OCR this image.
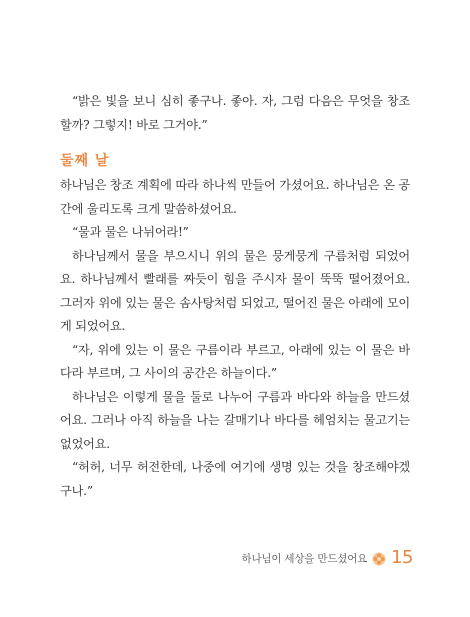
“밝은 빛을 보니 심히 좋구나. 좋아. 자, 그럼 다음은 무엇을 창조할까? 그렇지! 바로 그거야.”

둘째 날

하나님은 창조 계획에 따라 하나씩 만들어 가셨어요. 하나님은 온 공간에 울리도록 크게 말씀하셨어요.

“물과 물은 나뉘어라!”

하나님께서 물을 부으시니 위의 물은 뭉게뭉게 구름처럼 되었어요. 하나님께서 빨래를 짜듯이 힘을 주시자 물이 뚝뚝 떨어졌어요. 그러자 위에 있는 물은 솜사탕처럼 되었고, 떨어진 물은 아래에 모이게 되었어요.

“자, 위에 있는 이 물은 구름이라 부르고, 아래에 있는 이 물은 바다라 부르며, 그 사이의 공간은 하늘이다.”

하나님은 이렇게 물을 둘로 나누어 구름과 바다와 하늘을 만드셨어요. 그러나 아직 하늘을 나는 갈매기나 바다를 헤엄치는 물고기는 없었어요.

“허허, 너무 허전한데, 나중에 여기에 생명 있는 것을 창조해야겠구나.”

하나님이 세상을 만드셨어요 15
